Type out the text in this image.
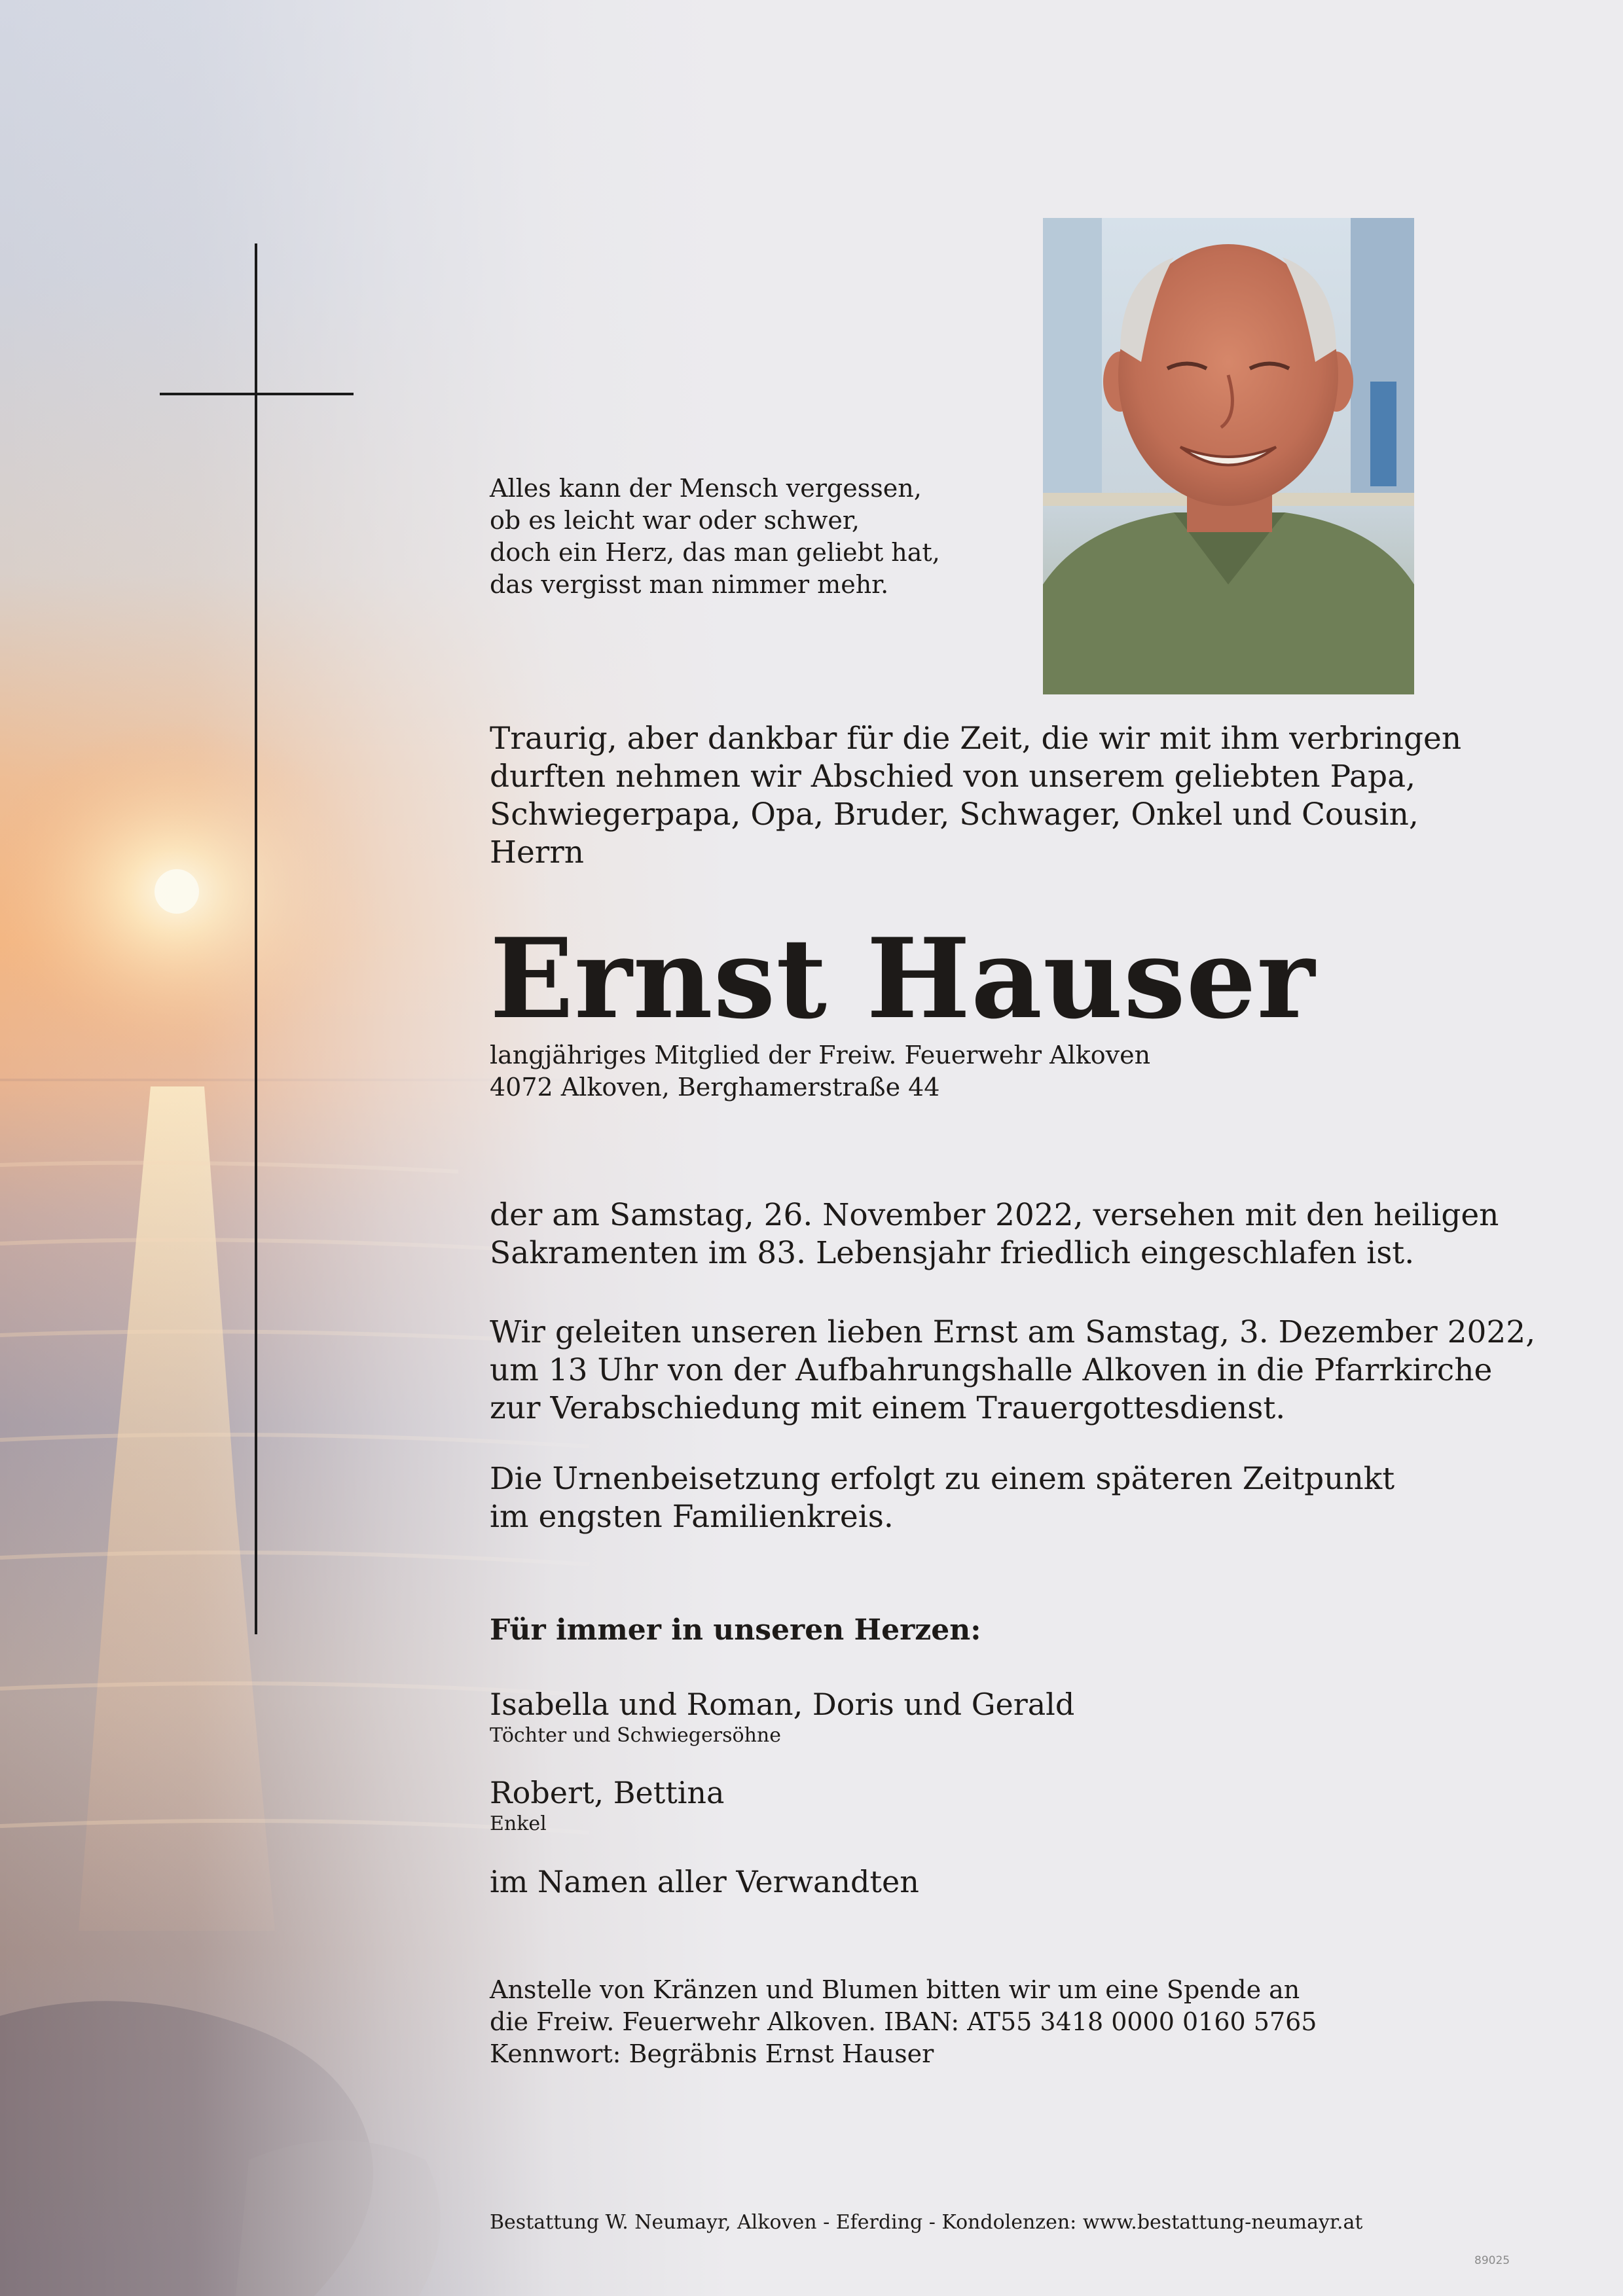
Alles kann der Mensch vergessen,
ob es leicht war oder schwer,
doch ein Herz, das man geliebt hat,
das vergisst man nimmer mehr.
Traurig, aber dankbar für die Zeit, die wir mit ihm verbringen
durften nehmen wir Abschied von unserem geliebten Papa,
Schwiegerpapa, Opa, Bruder, Schwager, Onkel und Cousin,
Herrn
Ernst Hauser
langjähriges Mitglied der Freiw. Feuerwehr Alkoven
4072 Alkoven, Berghamerstraße 44
der am Samstag, 26. November 2022, versehen mit den heiligen
Sakramenten im 83. Lebensjahr friedlich eingeschlafen ist.
Wir geleiten unseren lieben Ernst am Samstag, 3. Dezember 2022,
um 13 Uhr von der Aufbahrungshalle Alkoven in die Pfarrkirche
zur Verabschiedung mit einem Trauergottesdienst.
Die Urnenbeisetzung erfolgt zu einem späteren Zeitpunkt
im engsten Familienkreis.
Für immer in unseren Herzen:
Isabella und Roman, Doris und Gerald
Töchter und Schwiegersöhne
Robert, Bettina
Enkel
im Namen aller Verwandten
Anstelle von Kränzen und Blumen bitten wir um eine Spende an
die Freiw. Feuerwehr Alkoven. IBAN: AT55 3418 0000 0160 5765
Kennwort: Begräbnis Ernst Hauser
Bestattung W. Neumayr, Alkoven - Eferding - Kondolenzen: www.bestattung-neumayr.at
89025
